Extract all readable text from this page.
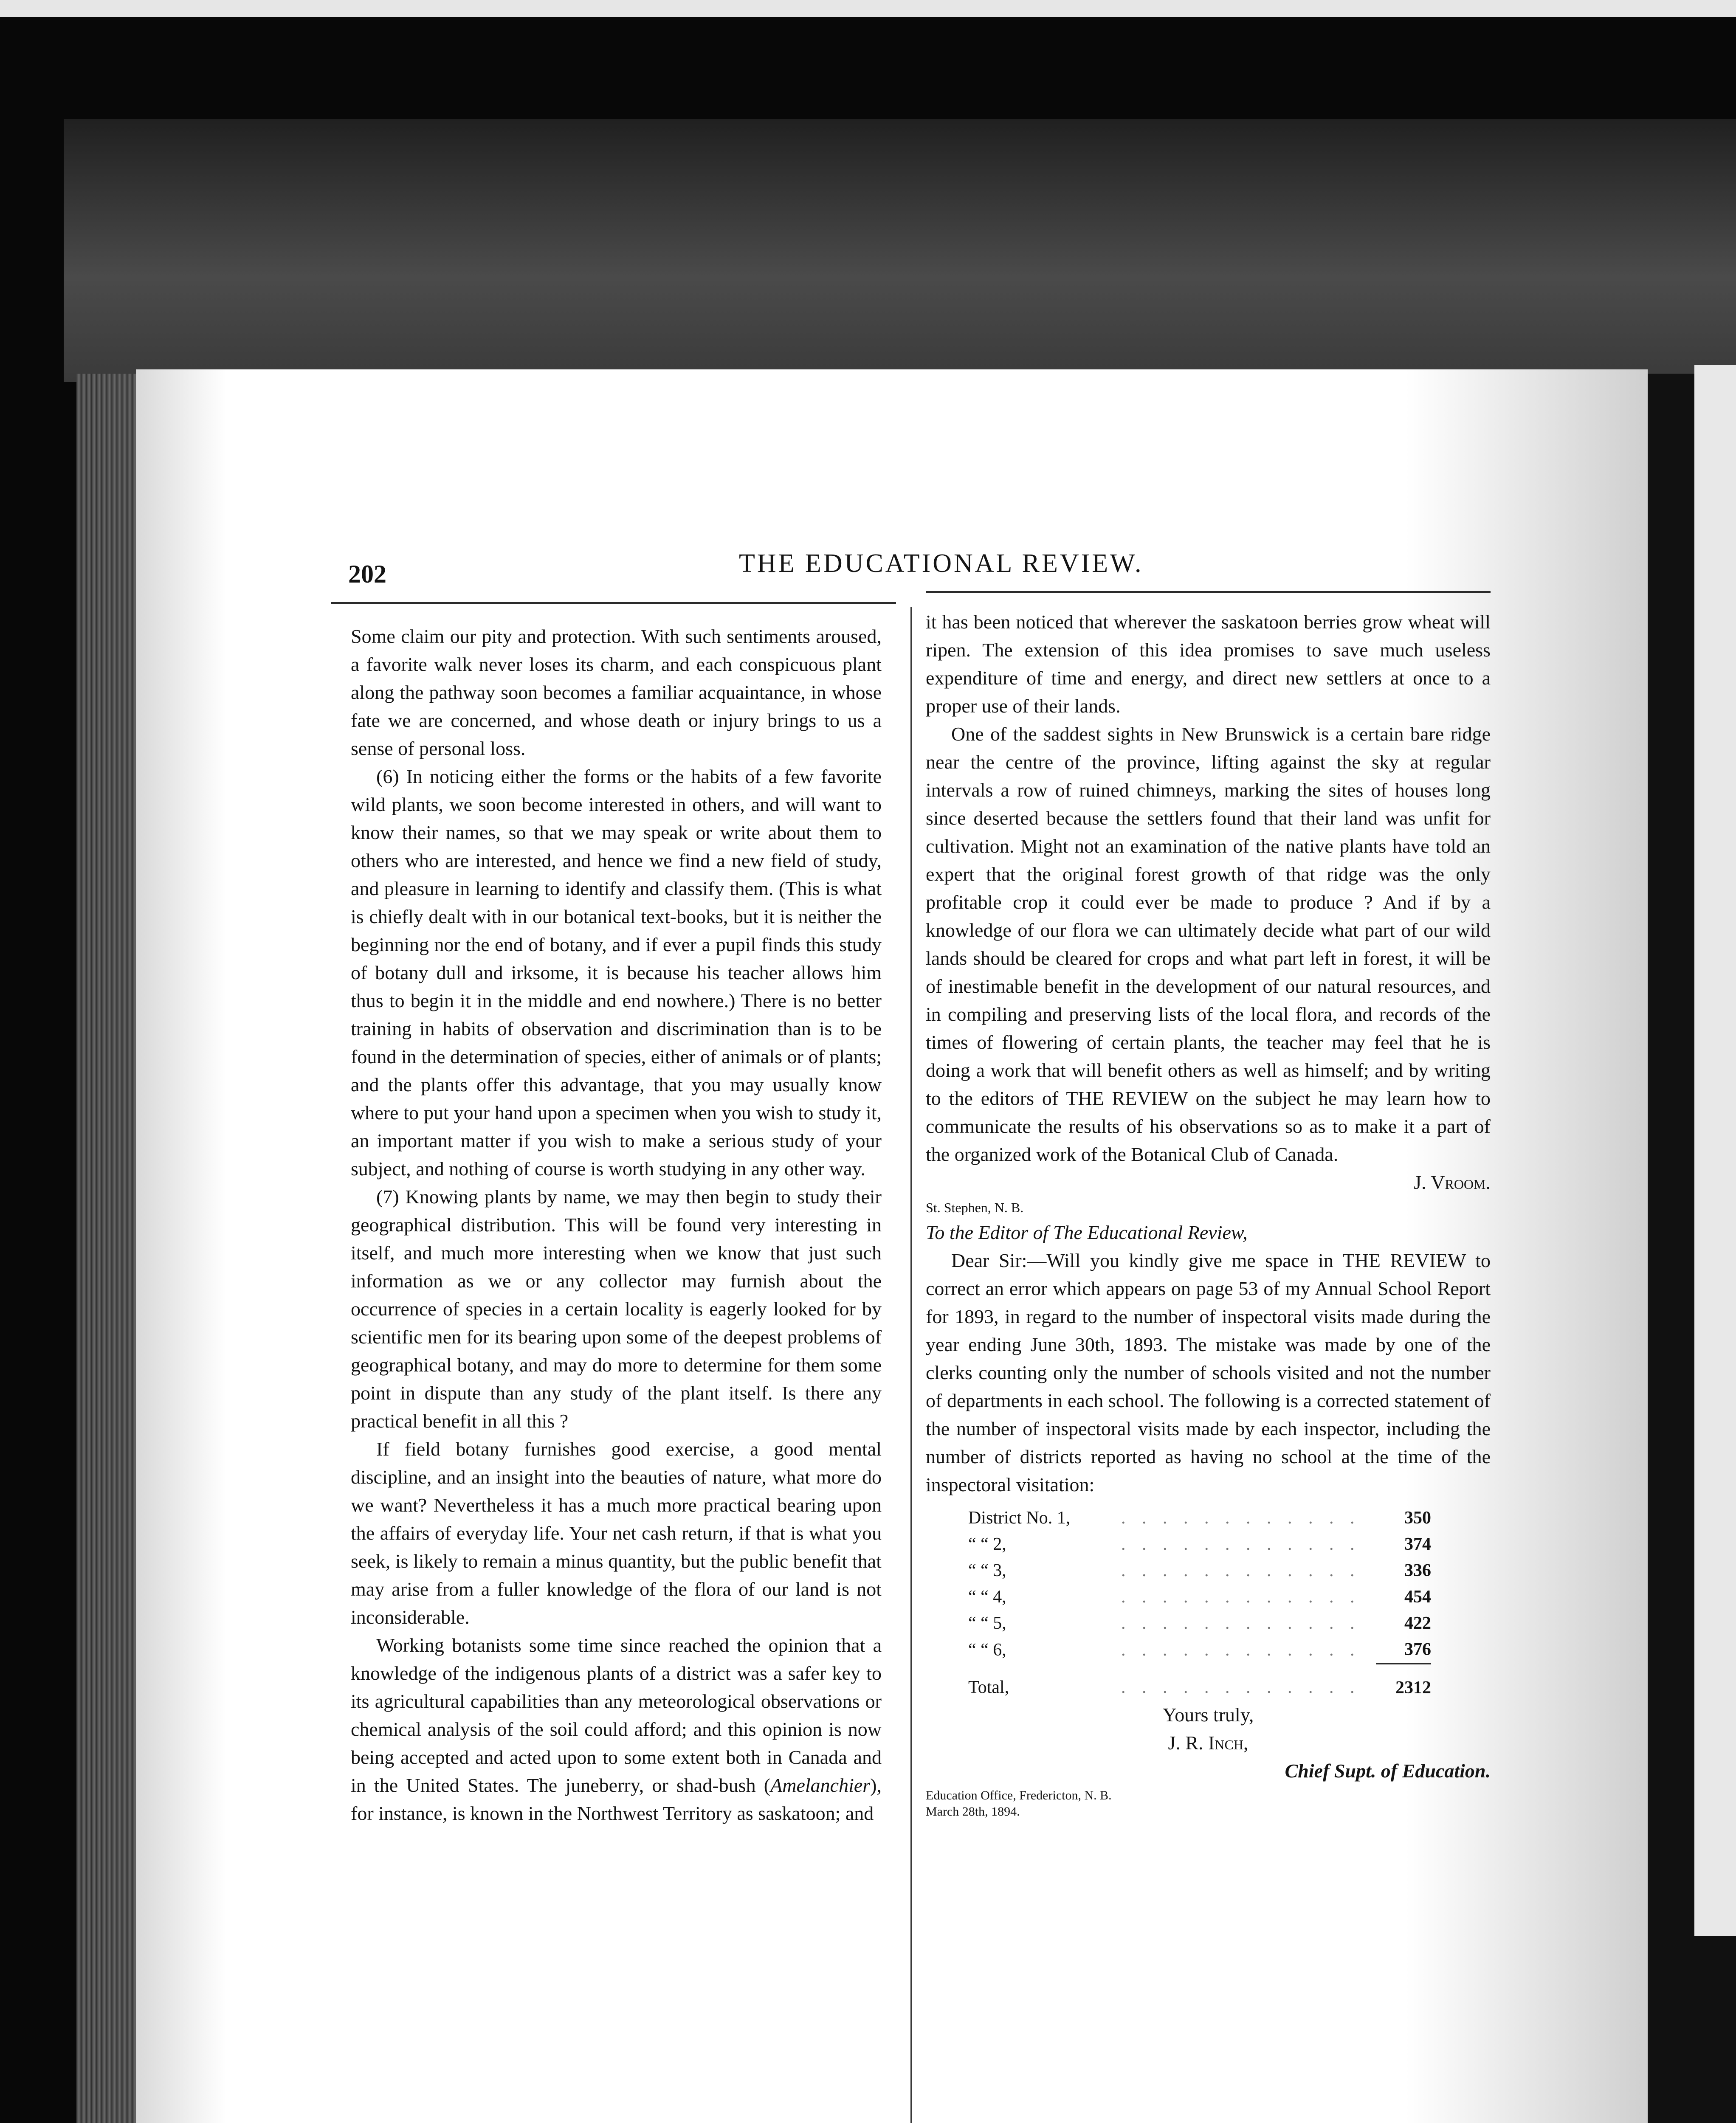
202	THE EDUCATIONAL REVIEW.

Some claim our pity and protection. With such sentiments aroused, a favorite walk never loses its charm, and each conspicuous plant along the pathway soon becomes a familiar acquaintance, in whose fate we are concerned, and whose death or injury brings to us a sense of personal loss.

(6) In noticing either the forms or the habits of a few favorite wild plants, we soon become interested in others, and will want to know their names, so that we may speak or write about them to others who are interested, and hence we find a new field of study, and pleasure in learning to identify and classify them. (This is what is chiefly dealt with in our botanical text-books, but it is neither the beginning nor the end of botany, and if ever a pupil finds this study of botany dull and irksome, it is because his teacher allows him thus to begin it in the middle and end nowhere.) There is no better training in habits of observation and discrimination than is to be found in the determination of species, either of animals or of plants; and the plants offer this advantage, that you may usually know where to put your hand upon a specimen when you wish to study it, an important matter if you wish to make a serious study of your subject, and nothing of course is worth studying in any other way.

(7) Knowing plants by name, we may then begin to study their geographical distribution. This will be found very interesting in itself, and much more interesting when we know that just such information as we or any collector may furnish about the occurrence of species in a certain locality is eagerly looked for by scientific men for its bearing upon some of the deepest problems of geographical botany, and may do more to determine for them some point in dispute than any study of the plant itself. Is there any practical benefit in all this ?

If field botany furnishes good exercise, a good mental discipline, and an insight into the beauties of nature, what more do we want? Nevertheless it has a much more practical bearing upon the affairs of everyday life. Your net cash return, if that is what you seek, is likely to remain a minus quantity, but the public benefit that may arise from a fuller knowledge of the flora of our land is not inconsiderable.

Working botanists some time since reached the opinion that a knowledge of the indigenous plants of a district was a safer key to its agricultural capabilities than any meteorological observations or chemical analysis of the soil could afford; and this opinion is now being accepted and acted upon to some extent both in Canada and in the United States. The juneberry, or shad-bush (Amelanchier), for instance, is known in the Northwest Territory as saskatoon; and

it has been noticed that wherever the saskatoon berries grow wheat will ripen. The extension of this idea promises to save much useless expenditure of time and energy, and direct new settlers at once to a proper use of their lands.

One of the saddest sights in New Brunswick is a certain bare ridge near the centre of the province, lifting against the sky at regular intervals a row of ruined chimneys, marking the sites of houses long since deserted because the settlers found that their land was unfit for cultivation. Might not an examination of the native plants have told an expert that the original forest growth of that ridge was the only profitable crop it could ever be made to produce ? And if by a knowledge of our flora we can ultimately decide what part of our wild lands should be cleared for crops and what part left in forest, it will be of inestimable benefit in the development of our natural resources, and in compiling and preserving lists of the local flora, and records of the times of flowering of certain plants, the teacher may feel that he is doing a work that will benefit others as well as himself; and by writing to the editors of THE REVIEW on the subject he may learn how to communicate the results of his observations so as to make it a part of the organized work of the Botanical Club of Canada.

J. Vroom.

St. Stephen, N. B.

To the Editor of The Educational Review,

Dear Sir:—Will you kindly give me space in THE REVIEW to correct an error which appears on page 53 of my Annual School Report for 1893, in regard to the number of inspectoral visits made during the year ending June 30th, 1893. The mistake was made by one of the clerks counting only the number of schools visited and not the number of departments in each school. The following is a corrected statement of the number of inspectoral visits made by each inspector, including the number of districts reported as having no school at the time of the inspectoral visitation:

District No. 1,	. . . . . . . . . . . .	350
“ “ 2,	. . . . . . . . . . . .	374
“ “ 3,	. . . . . . . . . . . .	336
“ “ 4,	. . . . . . . . . . . .	454
“ “ 5,	. . . . . . . . . . . .	422
“ “ 6,	. . . . . . . . . . . .	376
Total,	. . . . . . . . . . . .	2312

Yours truly,

J. R. Inch,

Chief Supt. of Education.

Education Office, Fredericton, N. B.
March 28th, 1894.
